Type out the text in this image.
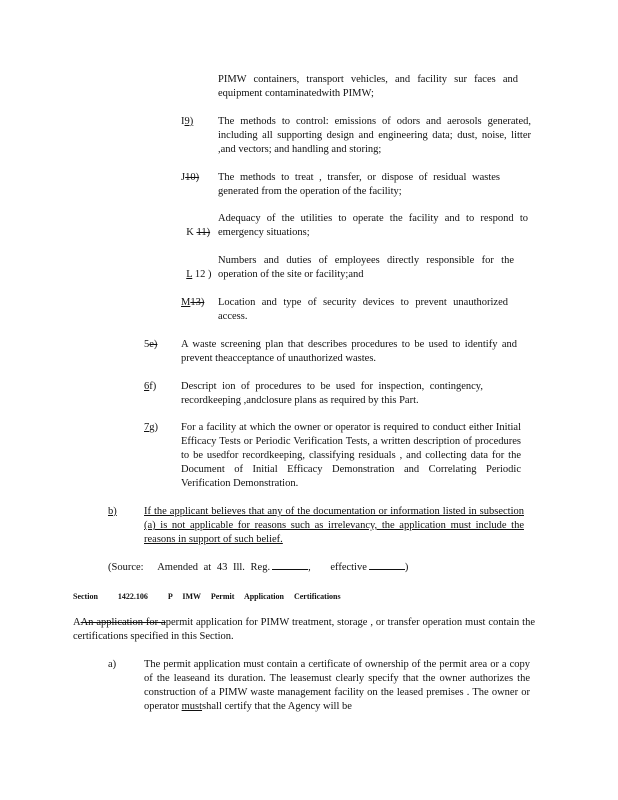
PIMW containers, transport vehicles, and facility sur faces and equipment contaminatedwith PIMW;
I9) The methods to control: emissions of odors and aerosols generated, including all supporting design and engineering data; dust, noise, litter ,and vectors; and handling and storing;
J10) The methods to treat , transfer, or dispose of residual wastes generated from the operation of the facility;

K 11)

Adequacy of the utilities to operate the facility and to respond to emergency situations;

L 12 )

Numbers and duties of employees directly responsible for the operation of the site or facility;and
M13) Location and type of security devices to prevent unauthorized access.
5e) A waste screening plan that describes procedures to be used to identify and prevent theacceptance of unauthorized wastes.
6f) Descript ion of procedures to be used for inspection, contingency, recordkeeping ,andclosure plans as required by this Part.
7g) For a facility at which the owner or operator is required to conduct either Initial Efficacy Tests or Periodic Verification Tests, a written description of procedures to be usedfor recordkeeping, classifying residuals , and collecting data for the Document of Initial Efficacy Demonstration and Correlating Periodic Verification Demonstration.
b)	If the applicant believes that any of the documentation or information listed in subsection (a) is not applicable for reasons such as irrelevancy, the application must include the reasons in support of such belief.
(Source: Amended at 43 Ill. Reg.	, effective	)
Section	1422.106	P IMW Permit Application Certifications
AAn application for apermit application for PIMW treatment, storage , or transfer operation must contain the certifications specified in this Section.
a)	The permit application must contain a certificate of ownership of the permit area or a copy of the leaseand its duration. The leasemust clearly specify that the owner authorizes the construction of a PIMW waste management facility on the leased premises . The owner or operator mustshall certify that the Agency will be
